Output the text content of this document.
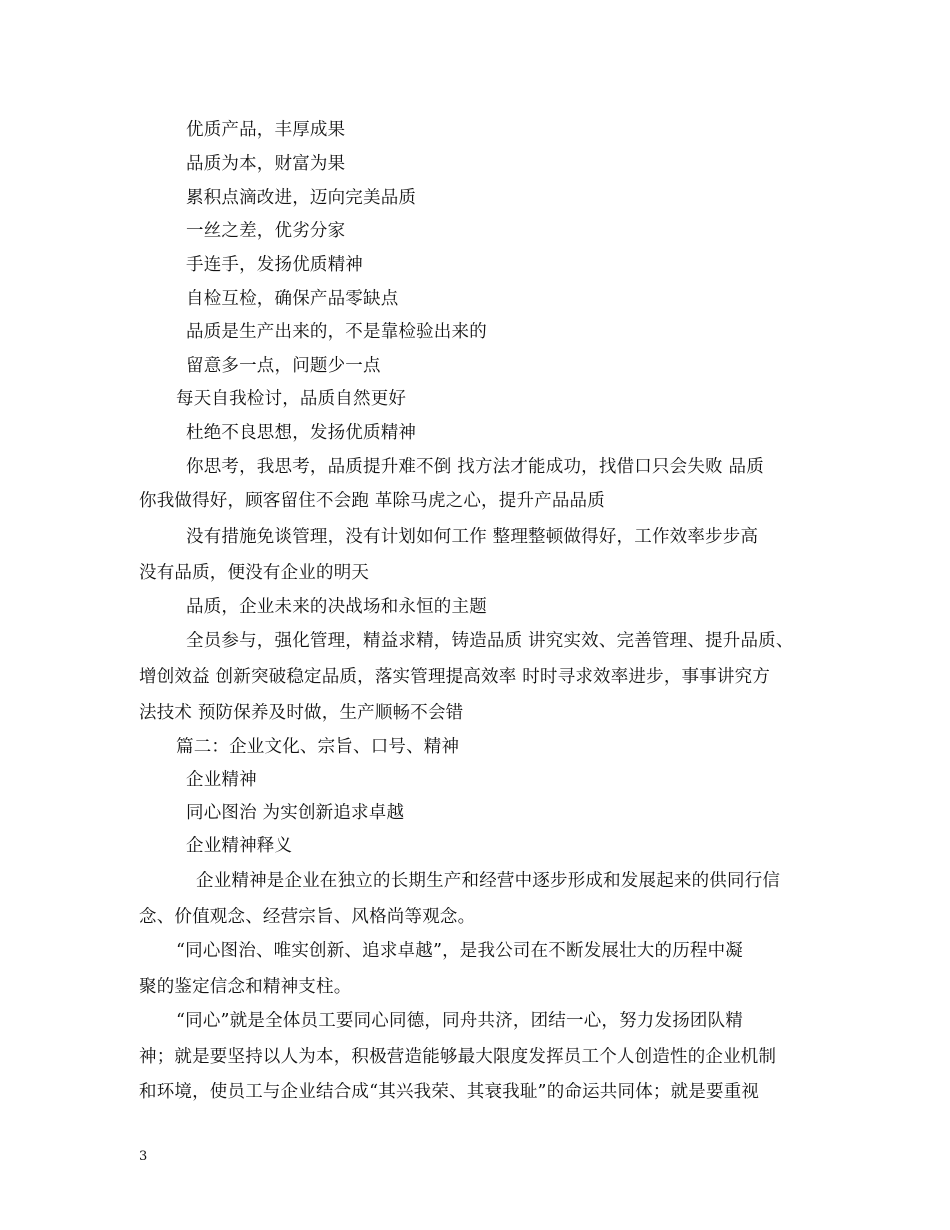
优质产品，丰厚成果
品质为本，财富为果
累积点滴改进，迈向完美品质
一丝之差，优劣分家
手连手，发扬优质精神
自检互检，确保产品零缺点
品质是生产出来的，不是靠检验出来的
留意多一点，问题少一点
每天自我检讨，品质自然更好
杜绝不良思想，发扬优质精神
你思考，我思考，品质提升难不倒 找方法才能成功，找借口只会失败 品质
你我做得好，顾客留住不会跑 革除马虎之心，提升产品品质
没有措施免谈管理，没有计划如何工作 整理整顿做得好，工作效率步步高
没有品质，便没有企业的明天
品质，企业未来的决战场和永恒的主题
全员参与，强化管理，精益求精，铸造品质 讲究实效、完善管理、提升品质、
增创效益 创新突破稳定品质，落实管理提高效率 时时寻求效率进步，事事讲究方
法技术 预防保养及时做，生产顺畅不会错
篇二：企业文化、宗旨、口号、精神
企业精神
同心图治 为实创新追求卓越
企业精神释义
企业精神是企业在独立的长期生产和经营中逐步形成和发展起来的供同行信
念、价值观念、经营宗旨、风格尚等观念。
“同心图治、唯实创新、追求卓越”，是我公司在不断发展壮大的历程中凝
聚的鉴定信念和精神支柱。
“同心”就是全体员工要同心同德，同舟共济，团结一心，努力发扬团队精
神；就是要坚持以人为本，积极营造能够最大限度发挥员工个人创造性的企业机制
和环境，使员工与企业结合成“其兴我荣、其衰我耻”的命运共同体；就是要重视
3
